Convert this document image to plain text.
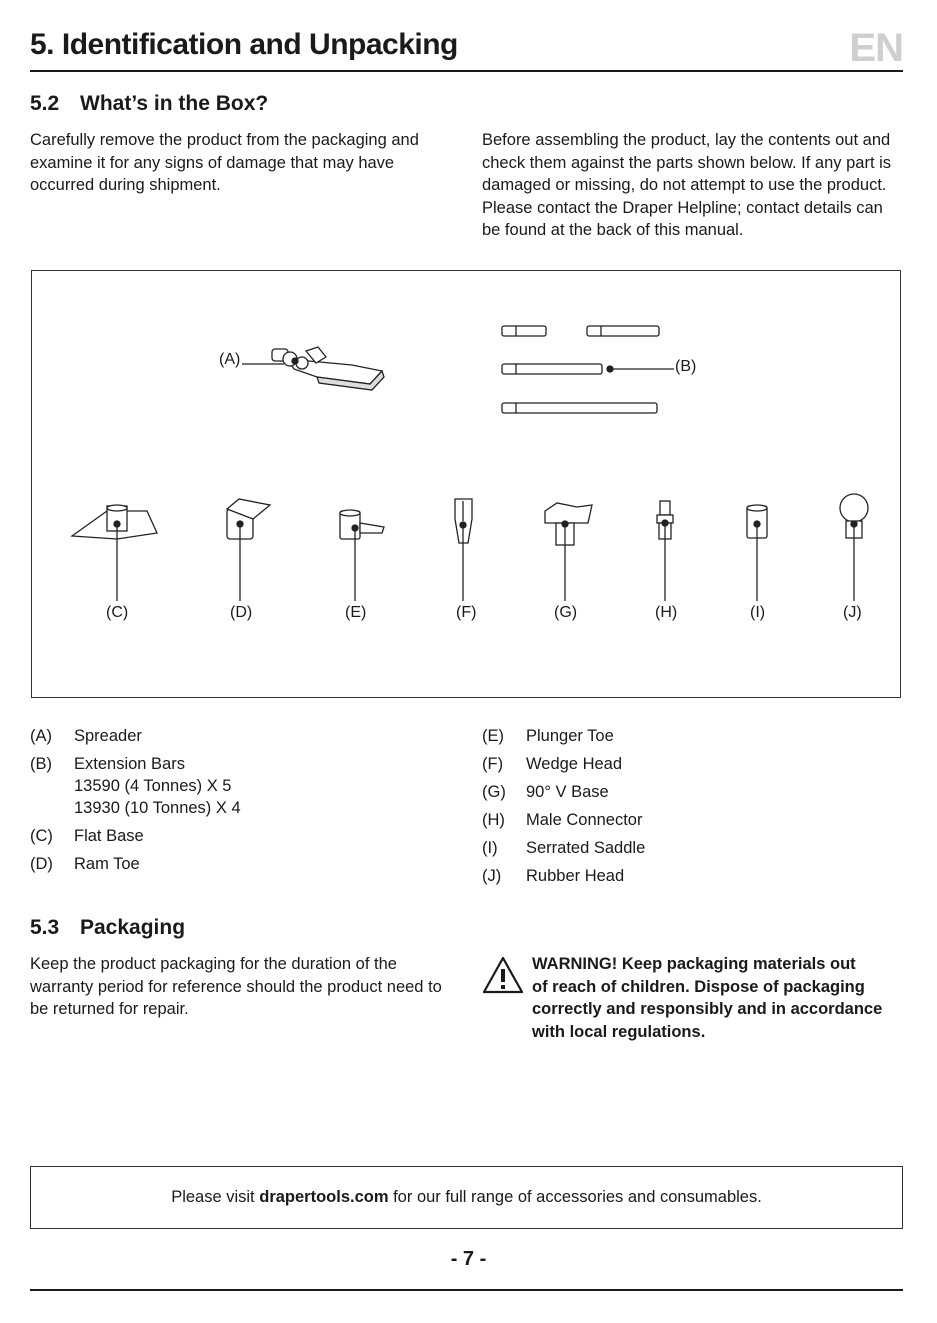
5. Identification and Unpacking	EN
5.2 What’s in the Box?
Carefully remove the product from the packaging and
examine it for any signs of damage that may have
occurred during shipment.
Before assembling the product, lay the contents out and
check them against the parts shown below. If any part is
damaged or missing, do not attempt to use the product.
Please contact the Draper Helpline; contact details can
be found at the back of this manual.
(A)	(B)
(C)	(D)	(E)	(F)	(G)	(H)	(I)	(J)
(A) Spreader
(B) Extension Bars
13590 (4 Tonnes) X 5
13930 (10 Tonnes) X 4
(C) Flat Base
(D) Ram Toe
(E) Plunger Toe
(F) Wedge Head
(G) 90° V Base
(H) Male Connector
(I) Serrated Saddle
(J) Rubber Head
5.3 Packaging
Keep the product packaging for the duration of the
warranty period for reference should the product need to
be returned for repair.
WARNING! Keep packaging materials out
of reach of children. Dispose of packaging
correctly and responsibly and in accordance
with local regulations.
Please visit drapertools.com for our full range of accessories and consumables.
- 7 -
